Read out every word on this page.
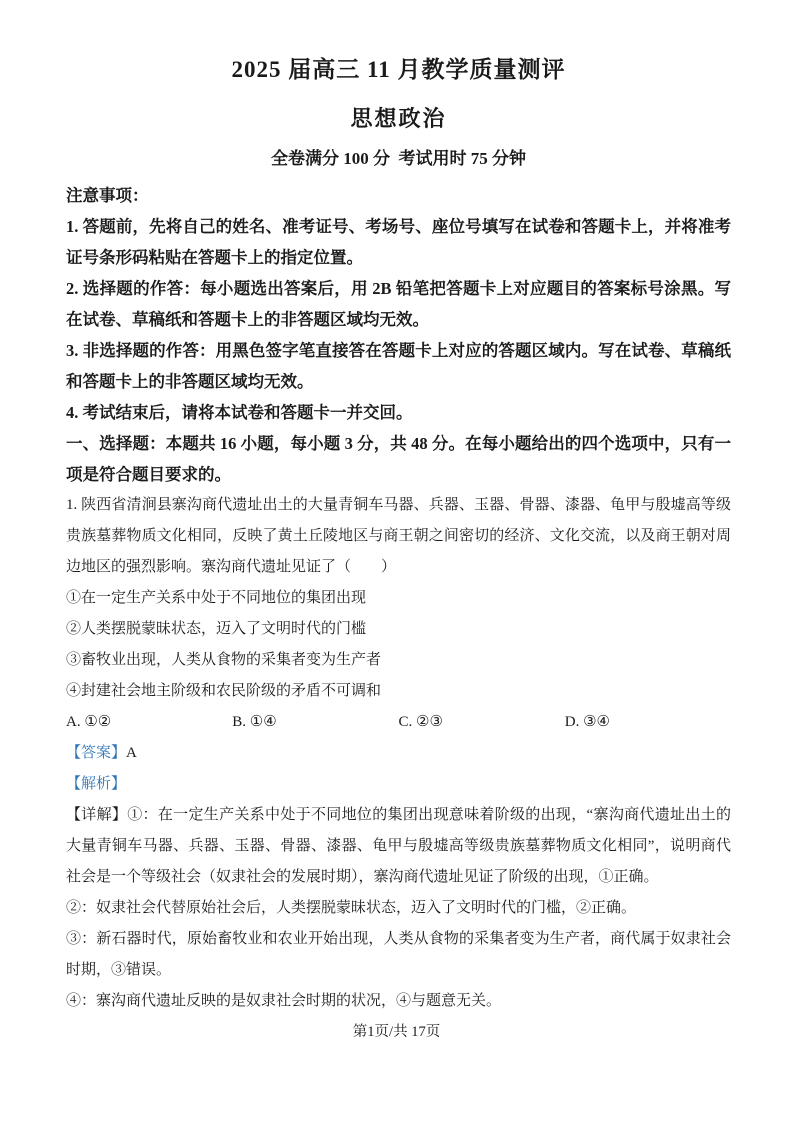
2025 届高三 11 月教学质量测评
思想政治
全卷满分 100 分  考试用时 75 分钟

注意事项：

1. 答题前，先将自己的姓名、准考证号、考场号、座位号填写在试卷和答题卡上，并将准考证号条形码粘贴在答题卡上的指定位置。

2. 选择题的作答：每小题选出答案后，用 2B 铅笔把答题卡上对应题目的答案标号涂黑。写在试卷、草稿纸和答题卡上的非答题区域均无效。

3. 非选择题的作答：用黑色签字笔直接答在答题卡上对应的答题区域内。写在试卷、草稿纸和答题卡上的非答题区域均无效。

4. 考试结束后，请将本试卷和答题卡一并交回。

一、选择题：本题共 16 小题，每小题 3 分，共 48 分。在每小题给出的四个选项中，只有一项是符合题目要求的。

1. 陕西省清涧县寨沟商代遗址出土的大量青铜车马器、兵器、玉器、骨器、漆器、龟甲与殷墟高等级贵族墓葬物质文化相同，反映了黄土丘陵地区与商王朝之间密切的经济、文化交流，以及商王朝对周边地区的强烈影响。寨沟商代遗址见证了（　　）

①在一定生产关系中处于不同地位的集团出现

②人类摆脱蒙昧状态，迈入了文明时代的门槛

③畜牧业出现，人类从食物的采集者变为生产者

④封建社会地主阶级和农民阶级的矛盾不可调和

A. ①②	B. ①④	C. ②③	D. ③④

【答案】A

【解析】

【详解】①：在一定生产关系中处于不同地位的集团出现意味着阶级的出现，“寨沟商代遗址出土的大量青铜车马器、兵器、玉器、骨器、漆器、龟甲与殷墟高等级贵族墓葬物质文化相同”，说明商代社会是一个等级社会（奴隶社会的发展时期），寨沟商代遗址见证了阶级的出现，①正确。

②：奴隶社会代替原始社会后，人类摆脱蒙昧状态，迈入了文明时代的门槛，②正确。

③：新石器时代，原始畜牧业和农业开始出现，人类从食物的采集者变为生产者，商代属于奴隶社会时期，③错误。

④：寨沟商代遗址反映的是奴隶社会时期的状况，④与题意无关。

第1页/共 17页
